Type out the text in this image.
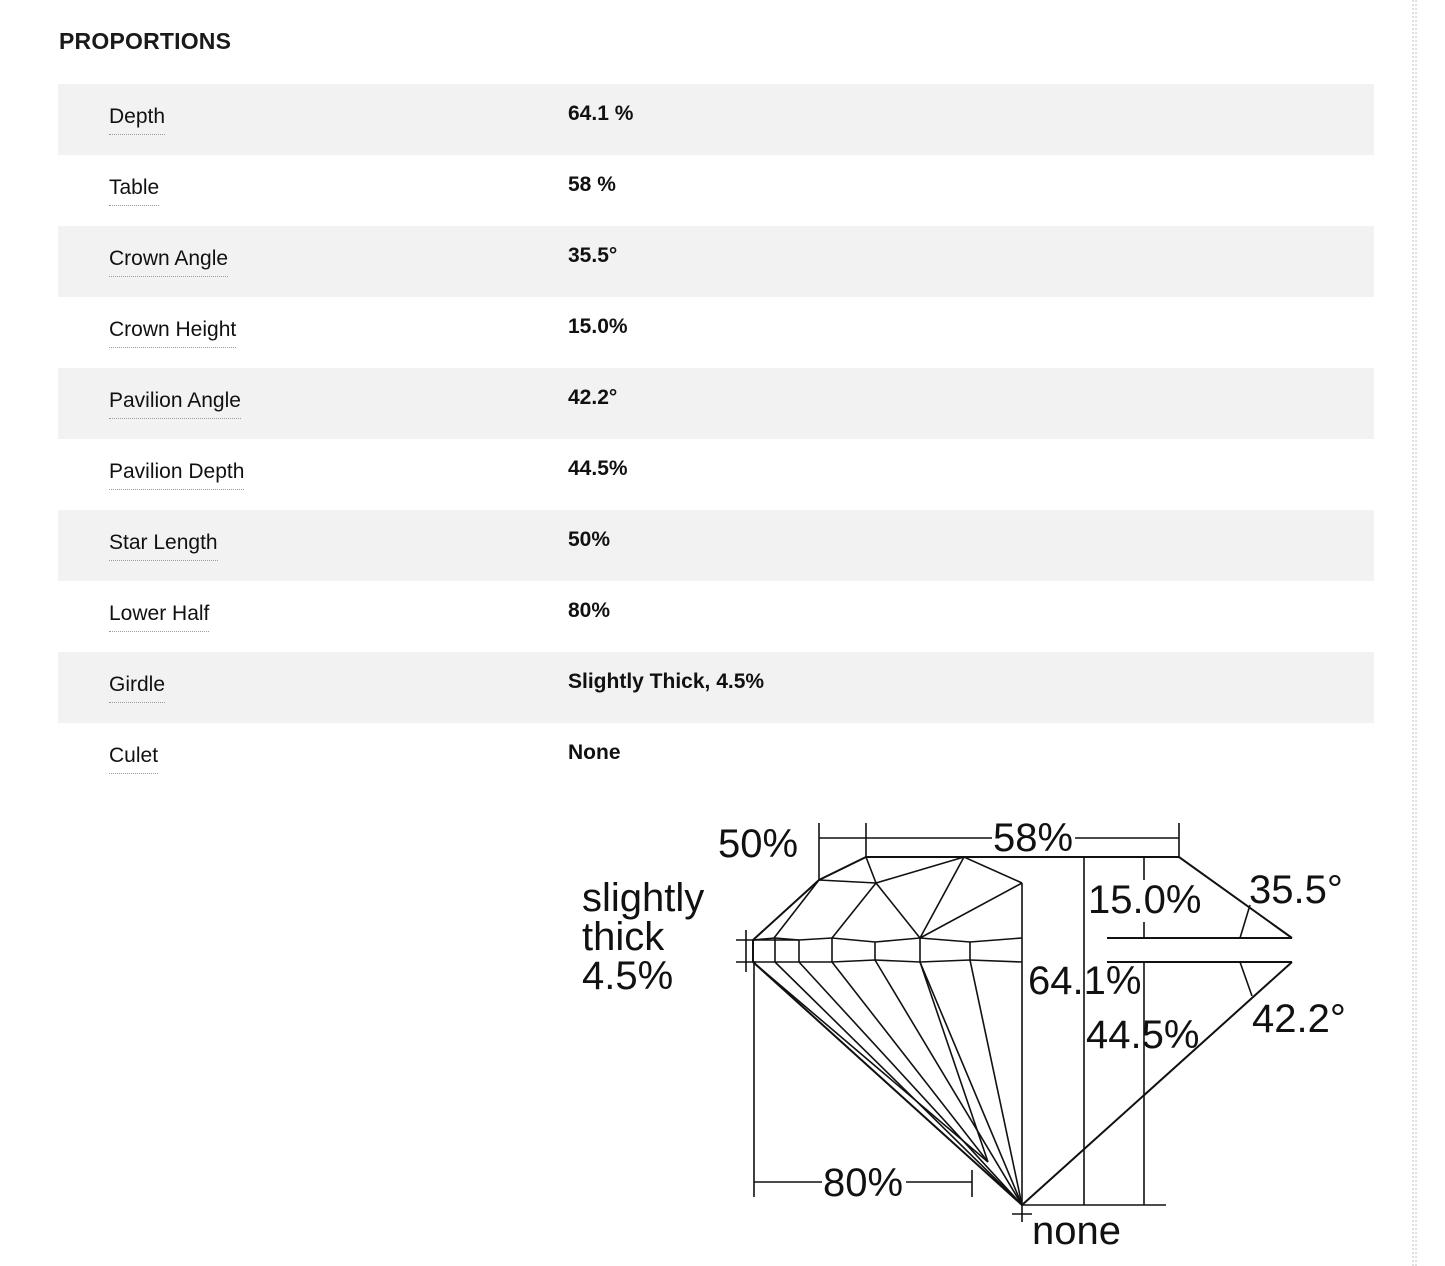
PROPORTIONS
Depth	64.1 %
Table	58 %
Crown Angle	35.5°
Crown Height	15.0%
Pavilion Angle	42.2°
Pavilion Depth	44.5%
Star Length	50%
Lower Half	80%
Girdle	Slightly Thick, 4.5%
Culet	None
50%	58%
slightly
thick
4.5%
15.0% 35.5°
64.1%
44.5% 42.2°
80%
none
